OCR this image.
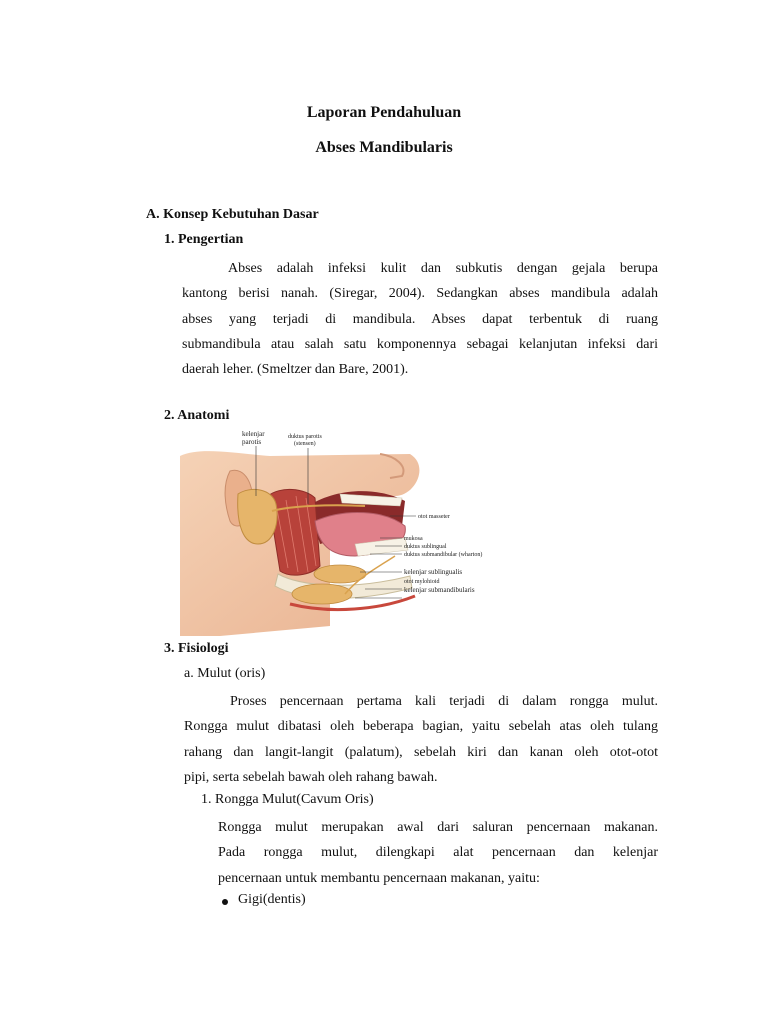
Laporan Pendahuluan
Abses Mandibularis
A. Konsep Kebutuhan Dasar
1. Pengertian
Abses adalah infeksi kulit dan subkutis dengan gejala berupa
kantong berisi nanah. (Siregar, 2004). Sedangkan abses mandibula adalah
abses yang terjadi di mandibula. Abses dapat terbentuk di ruang
submandibula atau salah satu komponennya sebagai kelanjutan infeksi dari
daerah leher. (Smeltzer dan Bare, 2001).
2. Anatomi
kelenjar
parotis
duktus parotis
(stensen)
otot masseter
mukosa
duktus sublingual
duktus submandibular (wharton)
kelenjar sublingualis
otot mylohioid
kelenjar submandibularis
3. Fisiologi
a. Mulut (oris)
Proses pencernaan pertama kali terjadi di dalam rongga mulut.
Rongga mulut dibatasi oleh beberapa bagian, yaitu sebelah atas oleh tulang
rahang dan langit-langit (palatum), sebelah kiri dan kanan oleh otot-otot
pipi, serta sebelah bawah oleh rahang bawah.
1. Rongga Mulut(Cavum Oris)
Rongga mulut merupakan awal dari saluran pencernaan makanan.
Pada rongga mulut, dilengkapi alat pencernaan dan kelenjar
pencernaan untuk membantu pencernaan makanan, yaitu:
Gigi(dentis)
